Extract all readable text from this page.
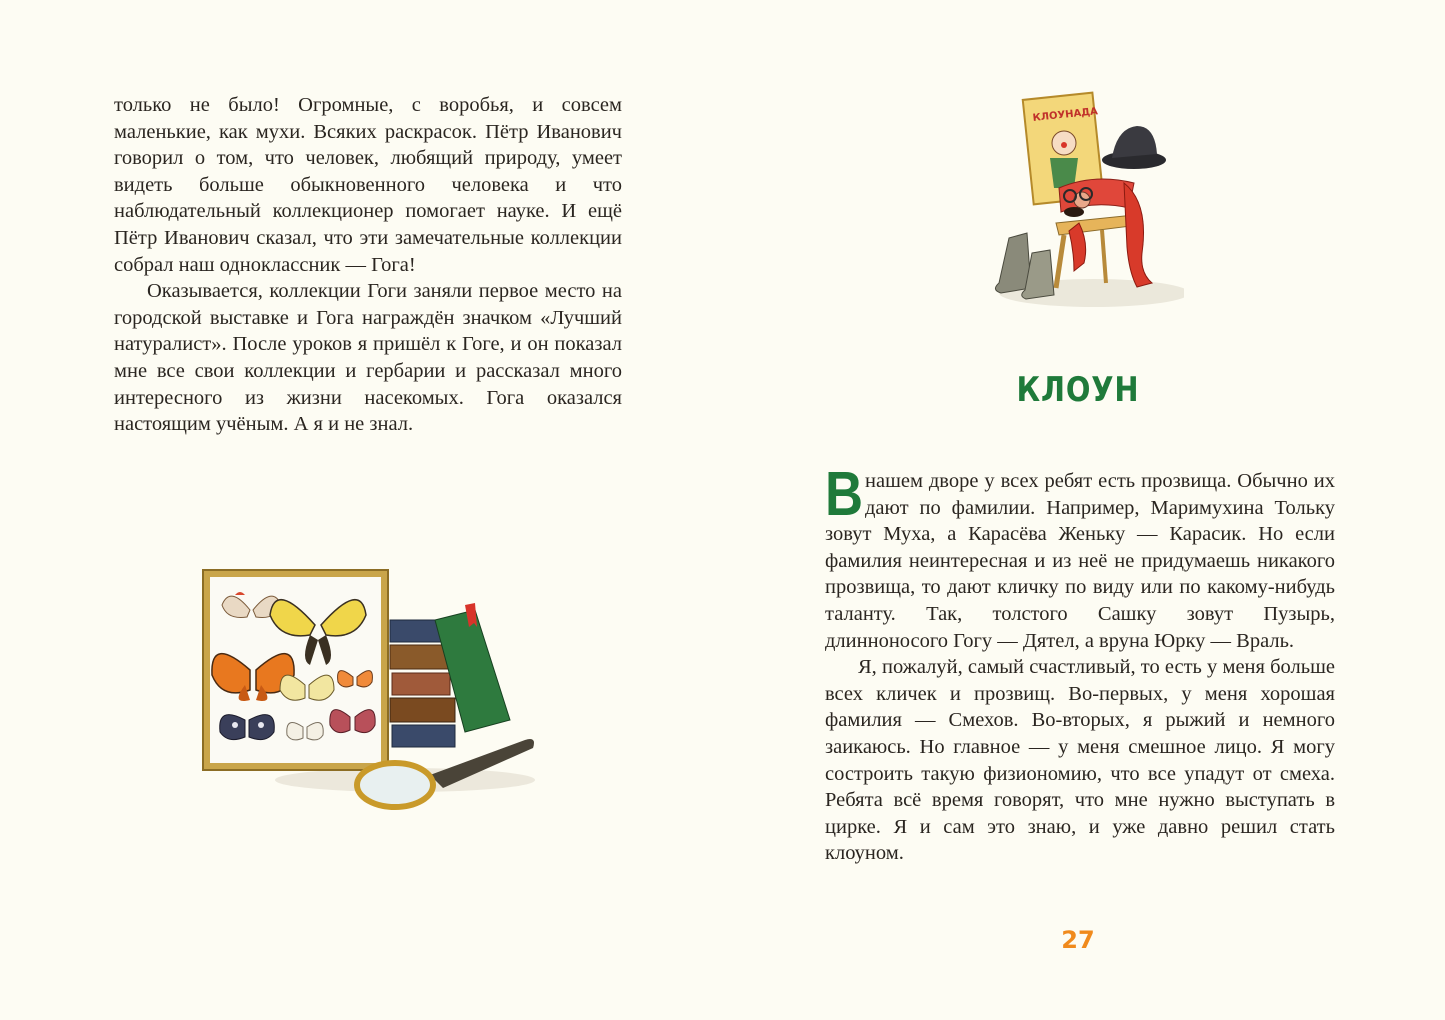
только не было! Огромные, с воробья, и совсем маленькие, как мухи. Всяких раскрасок. Пётр Иванович говорил о том, что человек, любящий природу, умеет видеть больше обыкновенного человека и что наблюдательный коллекционер помогает науке. И ещё Пётр Иванович сказал, что эти замечательные коллекции собрал наш одноклассник — Гога!

Оказывается, коллекции Гоги заняли первое место на городской выставке и Гога награждён значком «Лучший натуралист». После уроков я пришёл к Гоге, и он показал мне все свои коллекции и гербарии и рассказал много интересного из жизни насекомых. Гога оказался настоящим учёным. А я и не знал.

КЛОУНАДА
КЛОУН

Внашем дворе у всех ребят есть прозвища. Обычно их дают по фамилии. Например, Маримухина Тольку зовут Муха, а Карасёва Женьку — Карасик. Но если фамилия неинтересная и из неё не придумаешь никакого прозвища, то дают кличку по виду или по какому-нибудь таланту. Так, толстого Сашку зовут Пузырь, длинноносого Гогу — Дятел, а вруна Юрку — Враль.

Я, пожалуй, самый счастливый, то есть у меня больше всех кличек и прозвищ. Во-первых, у меня хорошая фамилия — Смехов. Во-вторых, я рыжий и немного заикаюсь. Но главное — у меня смешное лицо. Я могу состроить такую физиономию, что все упадут от смеха. Ребята всё время говорят, что мне нужно выступать в цирке. Я и сам это знаю, и уже давно решил стать клоуном.

27
